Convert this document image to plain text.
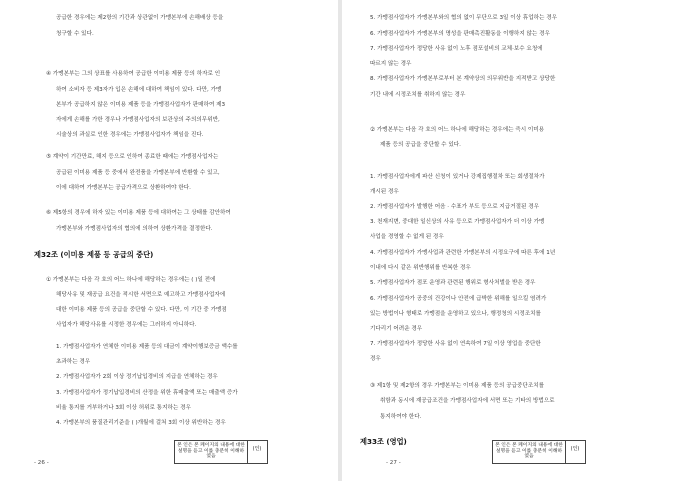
공급한 경우에는 제2항의 기간과 상관없이 가맹본부에 손해배상 등을
청구할 수 있다.
④ 가맹본부는 그의 상표를 사용하여 공급한 이미용 제품 등의 하자로 인
하여 소비자 등 제3자가 입은 손해에 대하여 책임이 있다. 다만, 가맹
본부가 공급하지 않은 이미용 제품 등을 가맹점사업자가 판매하여 제3
자에게 손해를 가한 경우나 가맹점사업자의 보관상의 주의의무위반,
시술상의 과실로 인한 경우에는 가맹점사업자가 책임을 진다.
⑤ 계약이 기간만료, 해지 등으로 인하여 종료한 때에는 가맹점사업자는
공급된 이미용 제품 등 중에서 완전품을 가맹본부에 반환할 수 있고,
이에 대하여 가맹본부는 공급가격으로 상환하여야 한다.
⑥ 제5항의 경우에 하자 있는 이미용 제품 등에 대하여는 그 상태를 감안하여
가맹본부와 가맹점사업자의 협의에 의하여 상환가격을 결정한다.
제32조 (이미용 제품 등 공급의 중단)
① 가맹본부는 다음 각 호의 어느 하나에 해당하는 경우에는 ( )일 전에
해당사유 및 재공급 요건을 적시한 서면으로 예고하고 가맹점사업자에
대한 이미용 제품 등의 공급을 중단할 수 있다. 다만, 이 기간 중 가맹점
사업자가 해당사유를 시정한 경우에는 그러하지 아니하다.
1. 가맹점사업자가 연체한 이미용 제품 등의 대금이 계약이행보증금 액수를
초과하는 경우
2. 가맹점사업자가 2회 이상 정기납입경비의 지급을 연체하는 경우
3. 가맹점사업자가 정기납입경비의 산정을 위한 휴매출액 또는 매출액 증가
비율 통지를 거부하거나 3회 이상 허위로 통지하는 경우
4. 가맹본부의 품질관리기준을 ( )개월에 걸쳐 3회 이상 위반하는 경우
- 26 -
본 인은 본 페이지의 내용에 대한 설명을 듣고 이를 충분히 이해하였음
(인)
5. 가맹점사업자가 가맹본부와의 협의 없이 무단으로 3일 이상 휴업하는 경우
6. 가맹점사업자가 가맹본부의 명성을 판매촉진활동을 이행하지 않는 경우
7. 가맹점사업자가 정당한 사유 없이 노후 점포설비의 교체·보수 요청에
따르지 않는 경우
8. 가맹점사업자가 가맹본부로부터 본 계약상의 의무위반을 지적받고 상당한
기간 내에 시정조치를 취하지 않는 경우
② 가맹본부는 다음 각 호의 어느 하나에 해당하는 경우에는 즉시 이미용
제품 등의 공급을 중단할 수 있다.
1. 가맹점사업자에게 파산 신청이 있거나 강제집행절차 또는 회생절차가
개시된 경우
2. 가맹점사업자가 발행한 어음 · 수표가 부도 등으로 지급거절된 경우
3. 천재지변, 중대한 일신상의 사유 등으로 가맹점사업자가 더 이상 가맹
사업을 경영할 수 없게 된 경우
4. 가맹점사업자가 가맹사업과 관련한 가맹본부의 시정요구에 따른 후에 1년
이내에 다시 같은 위반행위를 반복한 경우
5. 가맹점사업자가 점포 운영과 관련된 행위로 형사처벌을 받은 경우
6. 가맹점사업자가 공중의 건강이나 안전에 급박한 위해를 일으킬 염려가
있는 방법이나 형태로 가맹점을 운영하고 있으나, 행정청의 시정조치를
기다리기 어려운 경우
7. 가맹점사업자가 정당한 사유 없이 연속하여 7일 이상 영업을 중단한
경우
③ 제1항 및 제2항의 경우 가맹본부는 이미용 제품 등의 공급중단조치를
취함과 동시에 재공급조건을 가맹점사업자에 서면 또는 기타의 방법으로
통지하여야 한다.
제33조 (영업)
- 27 -
본 인은 본 페이지의 내용에 대한 설명을 듣고 이를 충분히 이해하였음
(인)
